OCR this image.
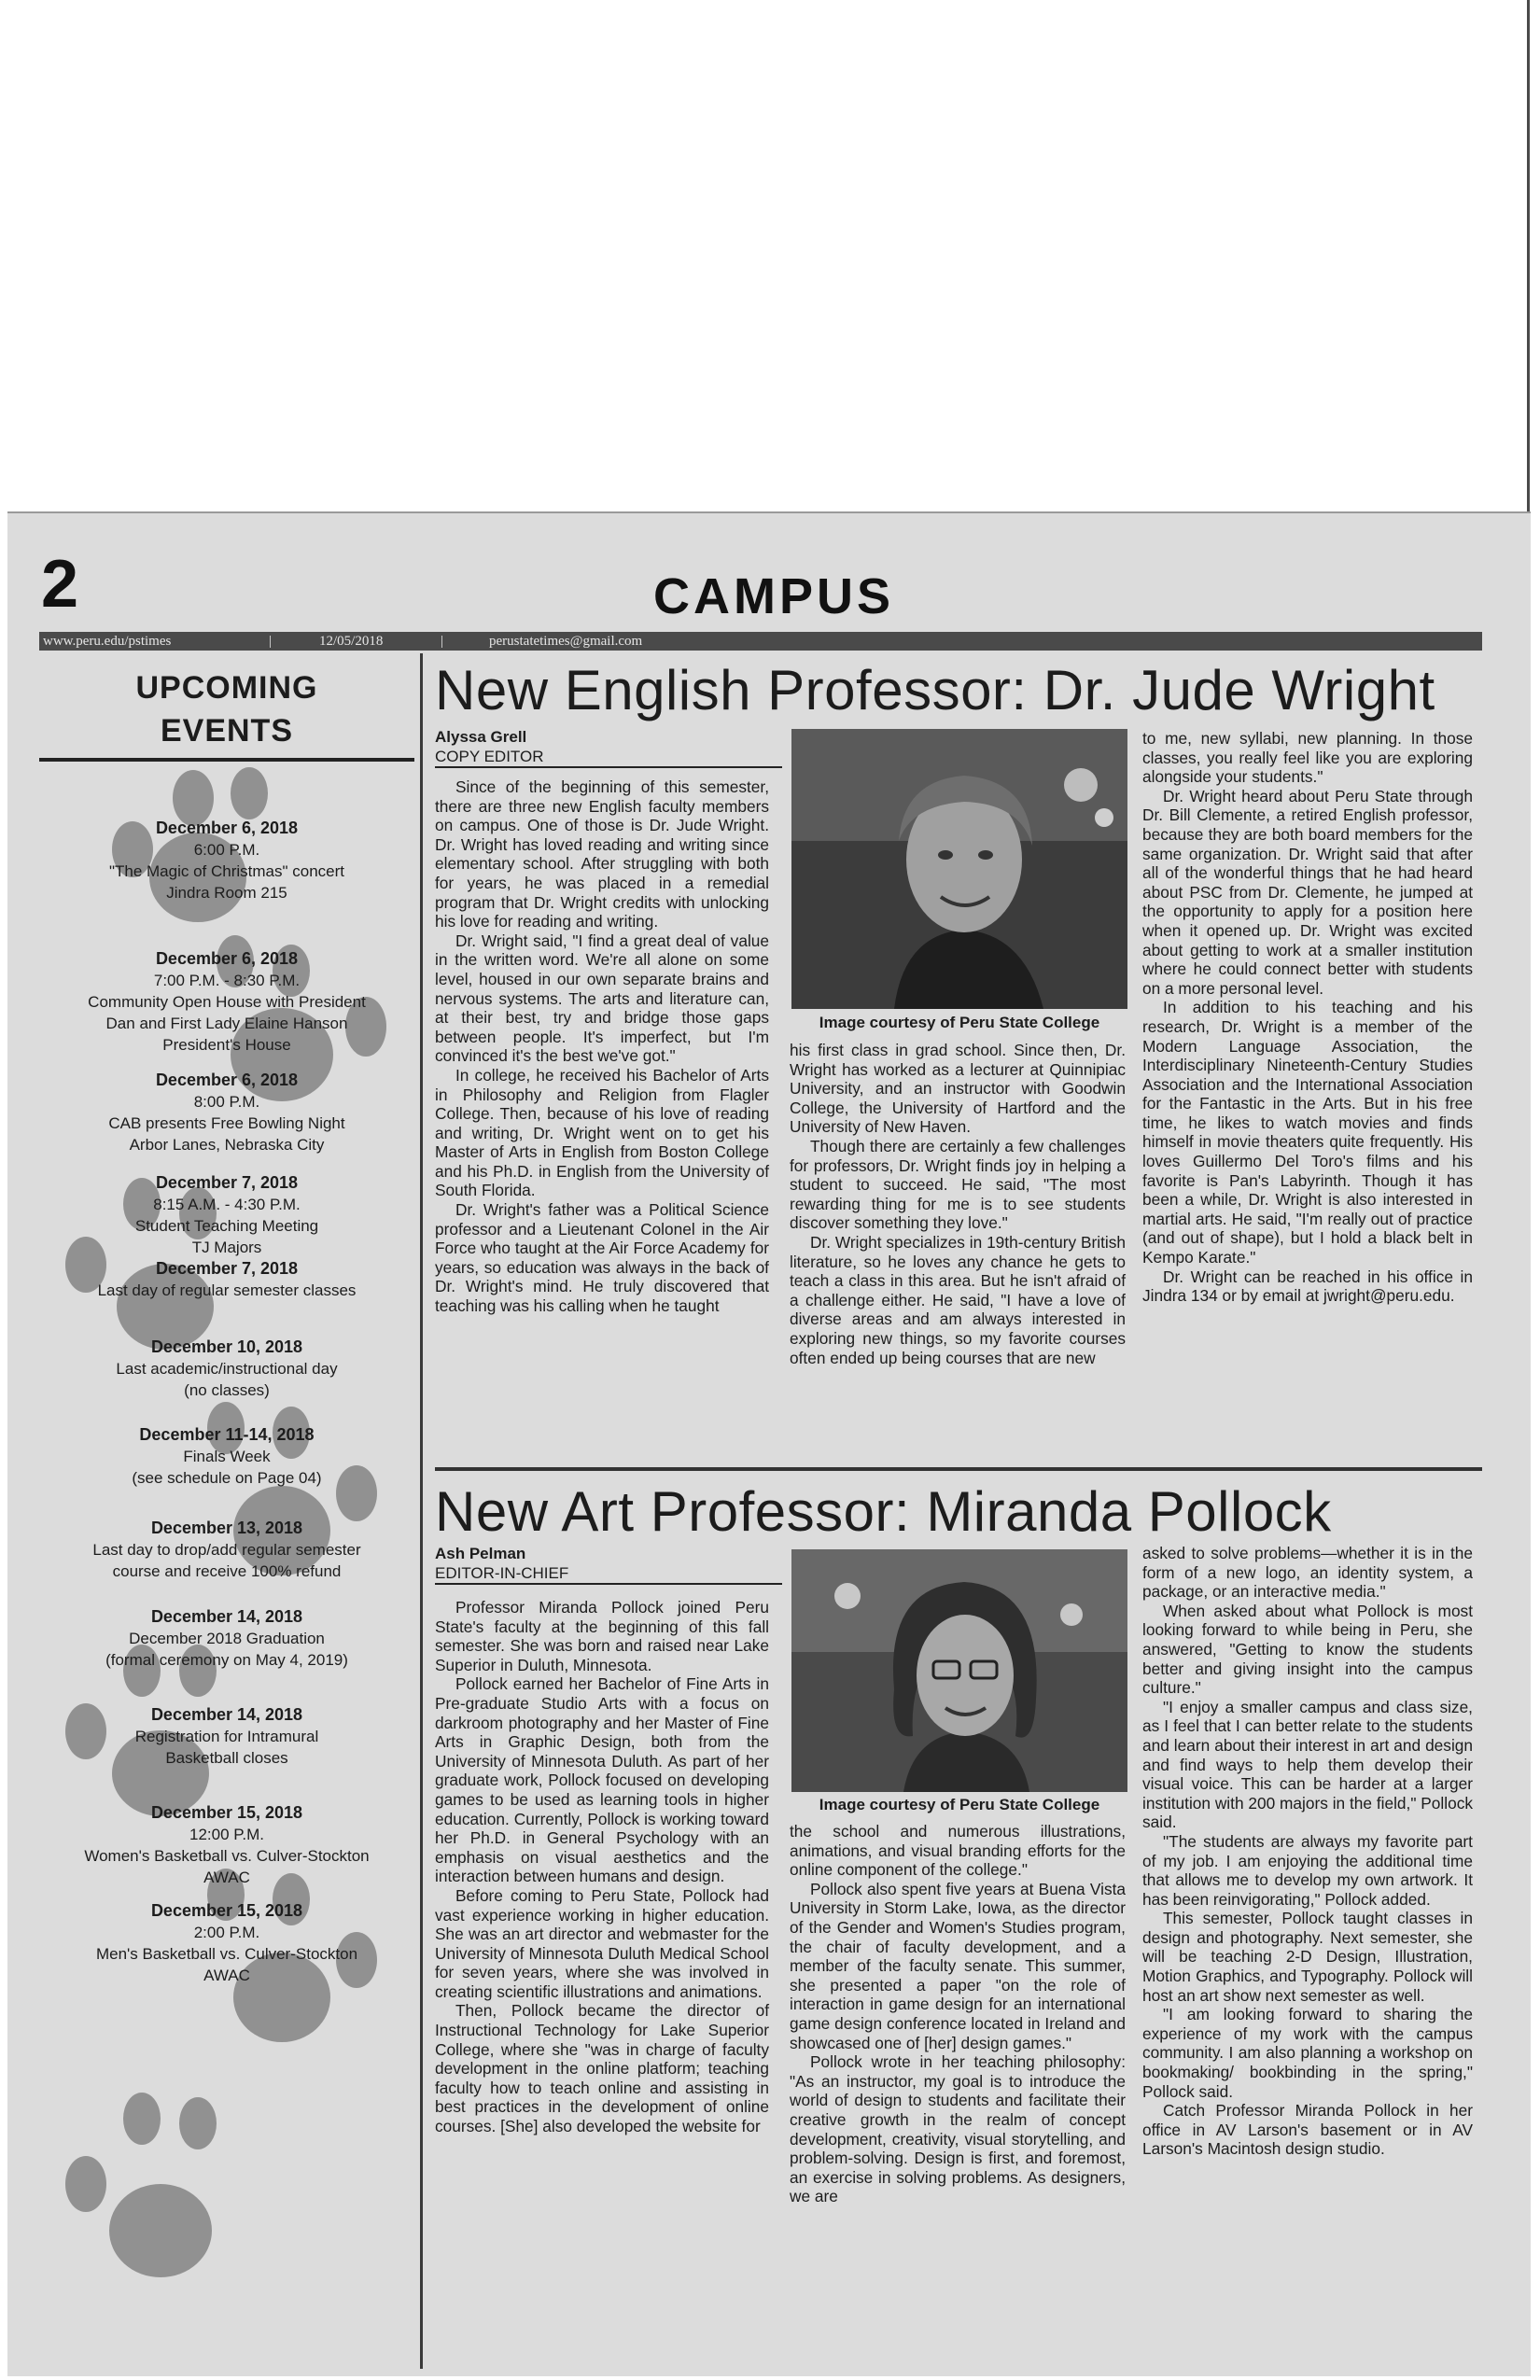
2	CAMPUS
www.peru.edu/pstimes	|	12/05/2018	|	perustatetimes@gmail.com
UPCOMING
EVENTS
December 6, 2018
6:00 P.M.
"The Magic of Christmas" concert
Jindra Room 215
December 6, 2018
7:00 P.M. - 8:30 P.M.
Community Open House with President
Dan and First Lady Elaine Hanson
President's House
December 6, 2018
8:00 P.M.
CAB presents Free Bowling Night
Arbor Lanes, Nebraska City
December 7, 2018
8:15 A.M. - 4:30 P.M.
Student Teaching Meeting
TJ Majors
December 7, 2018
Last day of regular semester classes
December 10, 2018
Last academic/instructional day
(no classes)
December 11-14, 2018
Finals Week
(see schedule on Page 04)
December 13, 2018
Last day to drop/add regular semester
course and receive 100% refund
December 14, 2018
December 2018 Graduation
(formal ceremony on May 4, 2019)
December 14, 2018
Registration for Intramural
Basketball closes
December 15, 2018
12:00 P.M.
Women's Basketball vs. Culver-Stockton
AWAC
December 15, 2018
2:00 P.M.
Men's Basketball vs. Culver-Stockton
AWAC
New English Professor: Dr. Jude Wright
Alyssa Grell
COPY EDITOR

Since of the beginning of this semester, there are three new English faculty members on campus. One of those is Dr. Jude Wright. Dr. Wright has loved reading and writing since elementary school. After struggling with both for years, he was placed in a remedial program that Dr. Wright credits with unlocking his love for reading and writing.

Dr. Wright said, "I find a great deal of value in the written word. We're all alone on some level, housed in our own separate brains and nervous systems. The arts and literature can, at their best, try and bridge those gaps between people. It's imperfect, but I'm convinced it's the best we've got."

In college, he received his Bachelor of Arts in Philosophy and Religion from Flagler College. Then, because of his love of reading and writing, Dr. Wright went on to get his Master of Arts in English from Boston College and his Ph.D. in English from the University of South Florida.

Dr. Wright's father was a Political Science professor and a Lieutenant Colonel in the Air Force who taught at the Air Force Academy for years, so education was always in the back of Dr. Wright's mind. He truly discovered that teaching was his calling when he taught

Image courtesy of Peru State College

his first class in grad school. Since then, Dr. Wright has worked as a lecturer at Quinnipiac University, and an instructor with Goodwin College, the University of Hartford and the University of New Haven.

Though there are certainly a few challenges for professors, Dr. Wright finds joy in helping a student to succeed. He said, "The most rewarding thing for me is to see students discover something they love."

Dr. Wright specializes in 19th-century British literature, so he loves any chance he gets to teach a class in this area. But he isn't afraid of a challenge either. He said, "I have a love of diverse areas and am always interested in exploring new things, so my favorite courses often ended up being courses that are new

to me, new syllabi, new planning. In those classes, you really feel like you are exploring alongside your students."

Dr. Wright heard about Peru State through Dr. Bill Clemente, a retired English professor, because they are both board members for the same organization. Dr. Wright said that after all of the wonderful things that he had heard about PSC from Dr. Clemente, he jumped at the opportunity to apply for a position here when it opened up. Dr. Wright was excited about getting to work at a smaller institution where he could connect better with students on a more personal level.

In addition to his teaching and his research, Dr. Wright is a member of the Modern Language Association, the Interdisciplinary Nineteenth-Century Studies Association and the International Association for the Fantastic in the Arts. But in his free time, he likes to watch movies and finds himself in movie theaters quite frequently. His loves Guillermo Del Toro's films and his favorite is Pan's Labyrinth. Though it has been a while, Dr. Wright is also interested in martial arts. He said, "I'm really out of practice (and out of shape), but I hold a black belt in Kempo Karate."

Dr. Wright can be reached in his office in Jindra 134 or by email at jwright@peru.edu.

New Art Professor: Miranda Pollock
Ash Pelman
EDITOR-IN-CHIEF

Professor Miranda Pollock joined Peru State's faculty at the beginning of this fall semester. She was born and raised near Lake Superior in Duluth, Minnesota.

Pollock earned her Bachelor of Fine Arts in Pre-graduate Studio Arts with a focus on darkroom photography and her Master of Fine Arts in Graphic Design, both from the University of Minnesota Duluth. As part of her graduate work, Pollock focused on developing games to be used as learning tools in higher education. Currently, Pollock is working toward her Ph.D. in General Psychology with an emphasis on visual aesthetics and the interaction between humans and design.

Before coming to Peru State, Pollock had vast experience working in higher education. She was an art director and webmaster for the University of Minnesota Duluth Medical School for seven years, where she was involved in creating scientific illustrations and animations.

Then, Pollock became the director of Instructional Technology for Lake Superior College, where she "was in charge of faculty development in the online platform; teaching faculty how to teach online and assisting in best practices in the development of online courses. [She] also developed the website for

Image courtesy of Peru State College

the school and numerous illustrations, animations, and visual branding efforts for the online component of the college."

Pollock also spent five years at Buena Vista University in Storm Lake, Iowa, as the director of the Gender and Women's Studies program, the chair of faculty development, and a member of the faculty senate. This summer, she presented a paper "on the role of interaction in game design for an international game design conference located in Ireland and showcased one of [her] design games."

Pollock wrote in her teaching philosophy: "As an instructor, my goal is to introduce the world of design to students and facilitate their creative growth in the realm of concept development, creativity, visual storytelling, and problem-solving. Design is first, and foremost, an exercise in solving problems. As designers, we are

asked to solve problems—whether it is in the form of a new logo, an identity system, a package, or an interactive media."

When asked about what Pollock is most looking forward to while being in Peru, she answered, "Getting to know the students better and giving insight into the campus culture."

"I enjoy a smaller campus and class size, as I feel that I can better relate to the students and learn about their interest in art and design and find ways to help them develop their visual voice. This can be harder at a larger institution with 200 majors in the field," Pollock said.

"The students are always my favorite part of my job. I am enjoying the additional time that allows me to develop my own artwork. It has been reinvigorating," Pollock added.

This semester, Pollock taught classes in design and photography. Next semester, she will be teaching 2-D Design, Illustration, Motion Graphics, and Typography. Pollock will host an art show next semester as well.

"I am looking forward to sharing the experience of my work with the campus community. I am also planning a workshop on bookmaking/ bookbinding in the spring," Pollock said.

Catch Professor Miranda Pollock in her office in AV Larson's basement or in AV Larson's Macintosh design studio.
